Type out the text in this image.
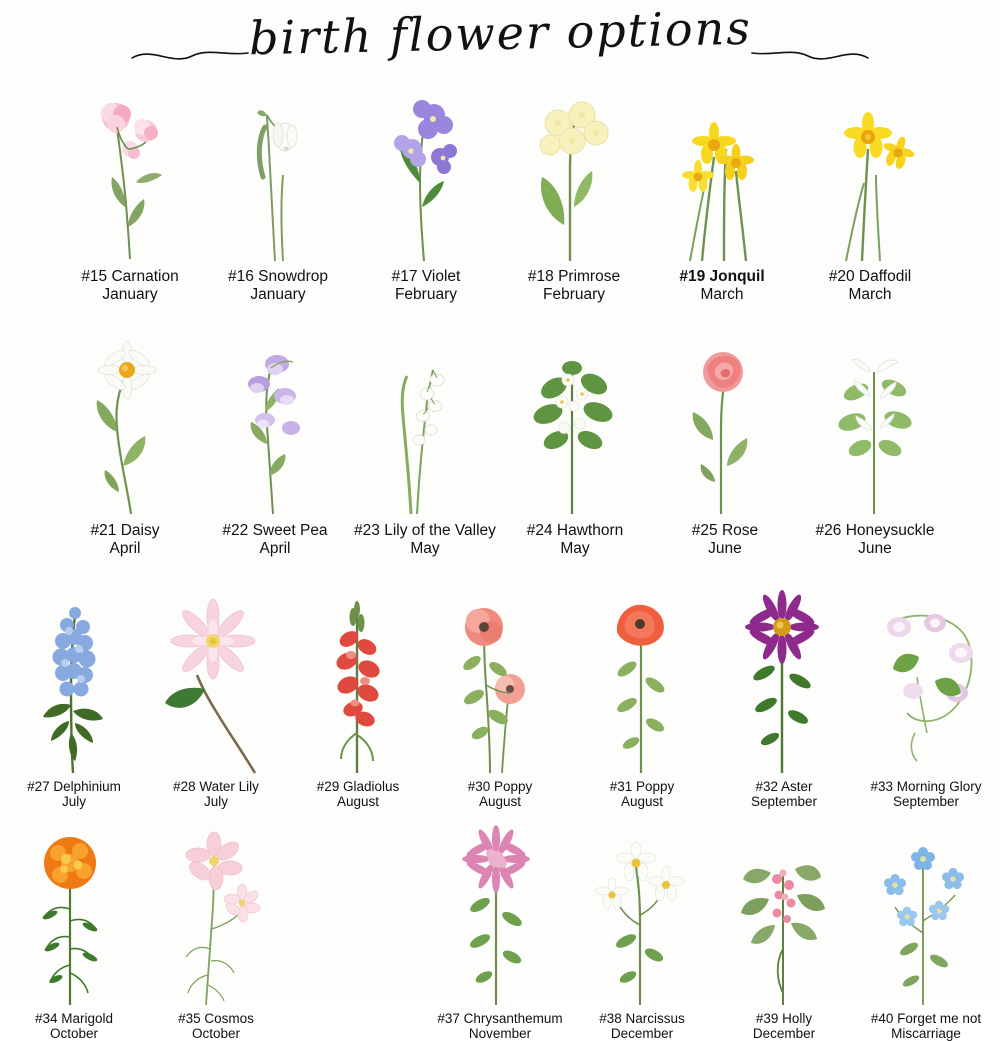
birth flower options
#15 Carnation
January
#16 Snowdrop
January
#17 Violet
February
#18 Primrose
February
#19 Jonquil
March
#20 Daffodil
March
#21 Daisy
April
#22 Sweet Pea
April
#23 Lily of the Valley
May
#24 Hawthorn
May
#25 Rose
June
#26 Honeysuckle
June
#27 Delphinium
July
#28 Water Lily
July
#29 Gladiolus
August
#30 Poppy
August
#31 Poppy
August
#32 Aster
September
#33 Morning Glory
September
#34 Marigold
October
#35 Cosmos
October
#37 Chrysanthemum
November
#38 Narcissus
December
#39 Holly
December
#40 Forget me not
Miscarriage
